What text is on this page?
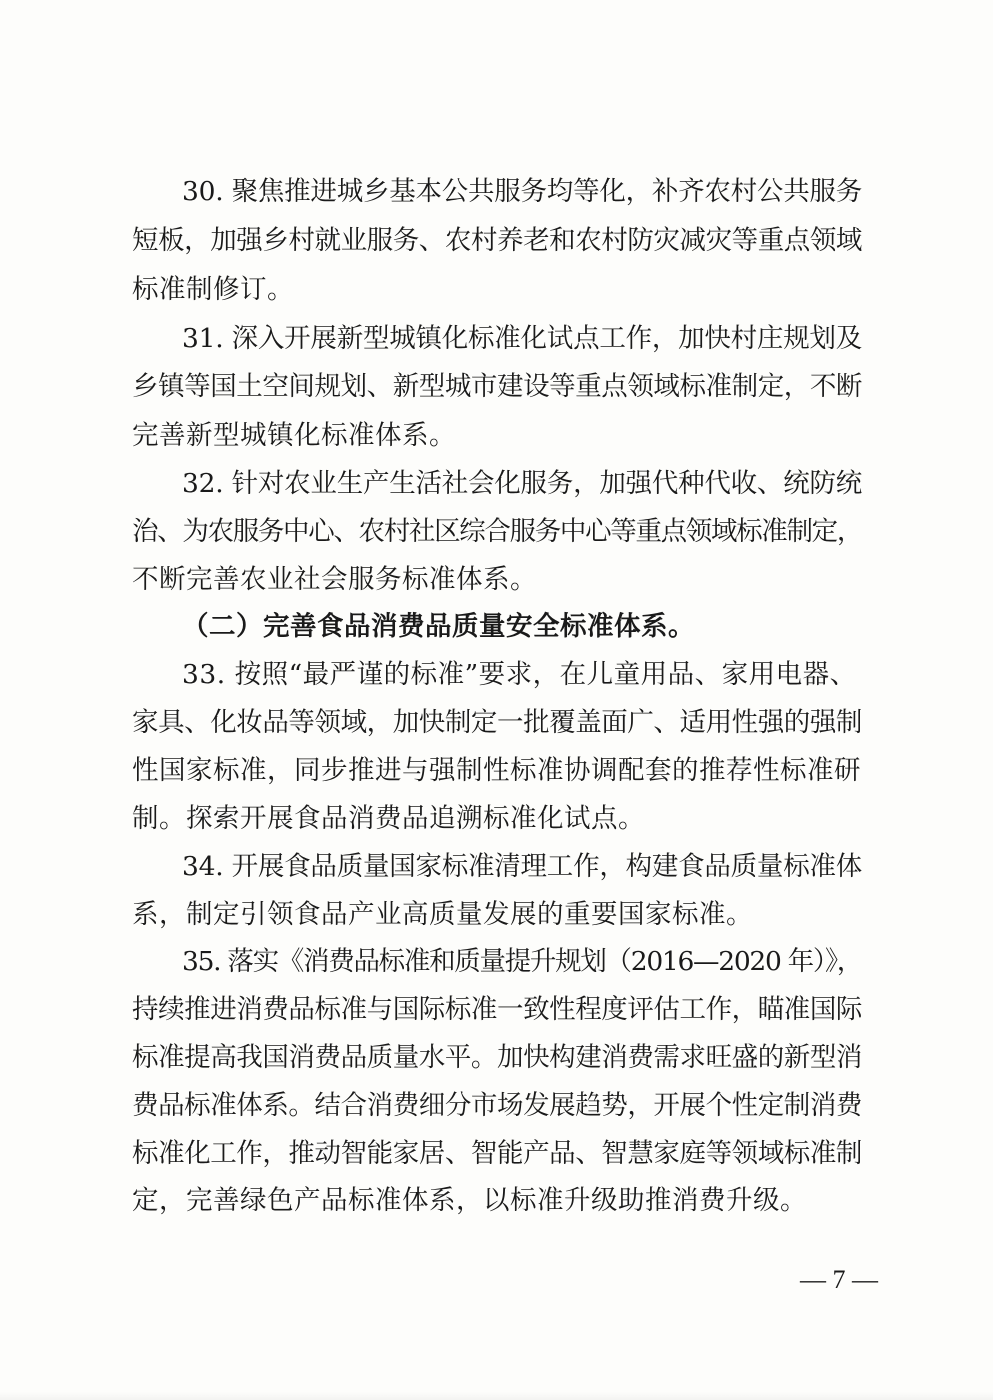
30. 聚焦推进城乡基本公共服务均等化，补齐农村公共服务
短板，加强乡村就业服务、农村养老和农村防灾减灾等重点领域
标准制修订。
31. 深入开展新型城镇化标准化试点工作，加快村庄规划及
乡镇等国土空间规划、新型城市建设等重点领域标准制定，不断
完善新型城镇化标准体系。
32. 针对农业生产生活社会化服务，加强代种代收、统防统
治、为农服务中心、农村社区综合服务中心等重点领域标准制定，
不断完善农业社会服务标准体系。
（二）完善食品消费品质量安全标准体系。
33. 按照“最严谨的标准”要求，在儿童用品、家用电器、
家具、化妆品等领域，加快制定一批覆盖面广、适用性强的强制
性国家标准，同步推进与强制性标准协调配套的推荐性标准研
制。探索开展食品消费品追溯标准化试点。
34. 开展食品质量国家标准清理工作，构建食品质量标准体
系，制定引领食品产业高质量发展的重要国家标准。
35. 落实《消费品标准和质量提升规划（2016—2020 年）》，
持续推进消费品标准与国际标准一致性程度评估工作，瞄准国际
标准提高我国消费品质量水平。加快构建消费需求旺盛的新型消
费品标准体系。结合消费细分市场发展趋势，开展个性定制消费
标准化工作，推动智能家居、智能产品、智慧家庭等领域标准制
定，完善绿色产品标准体系，以标准升级助推消费升级。
— 7 —
